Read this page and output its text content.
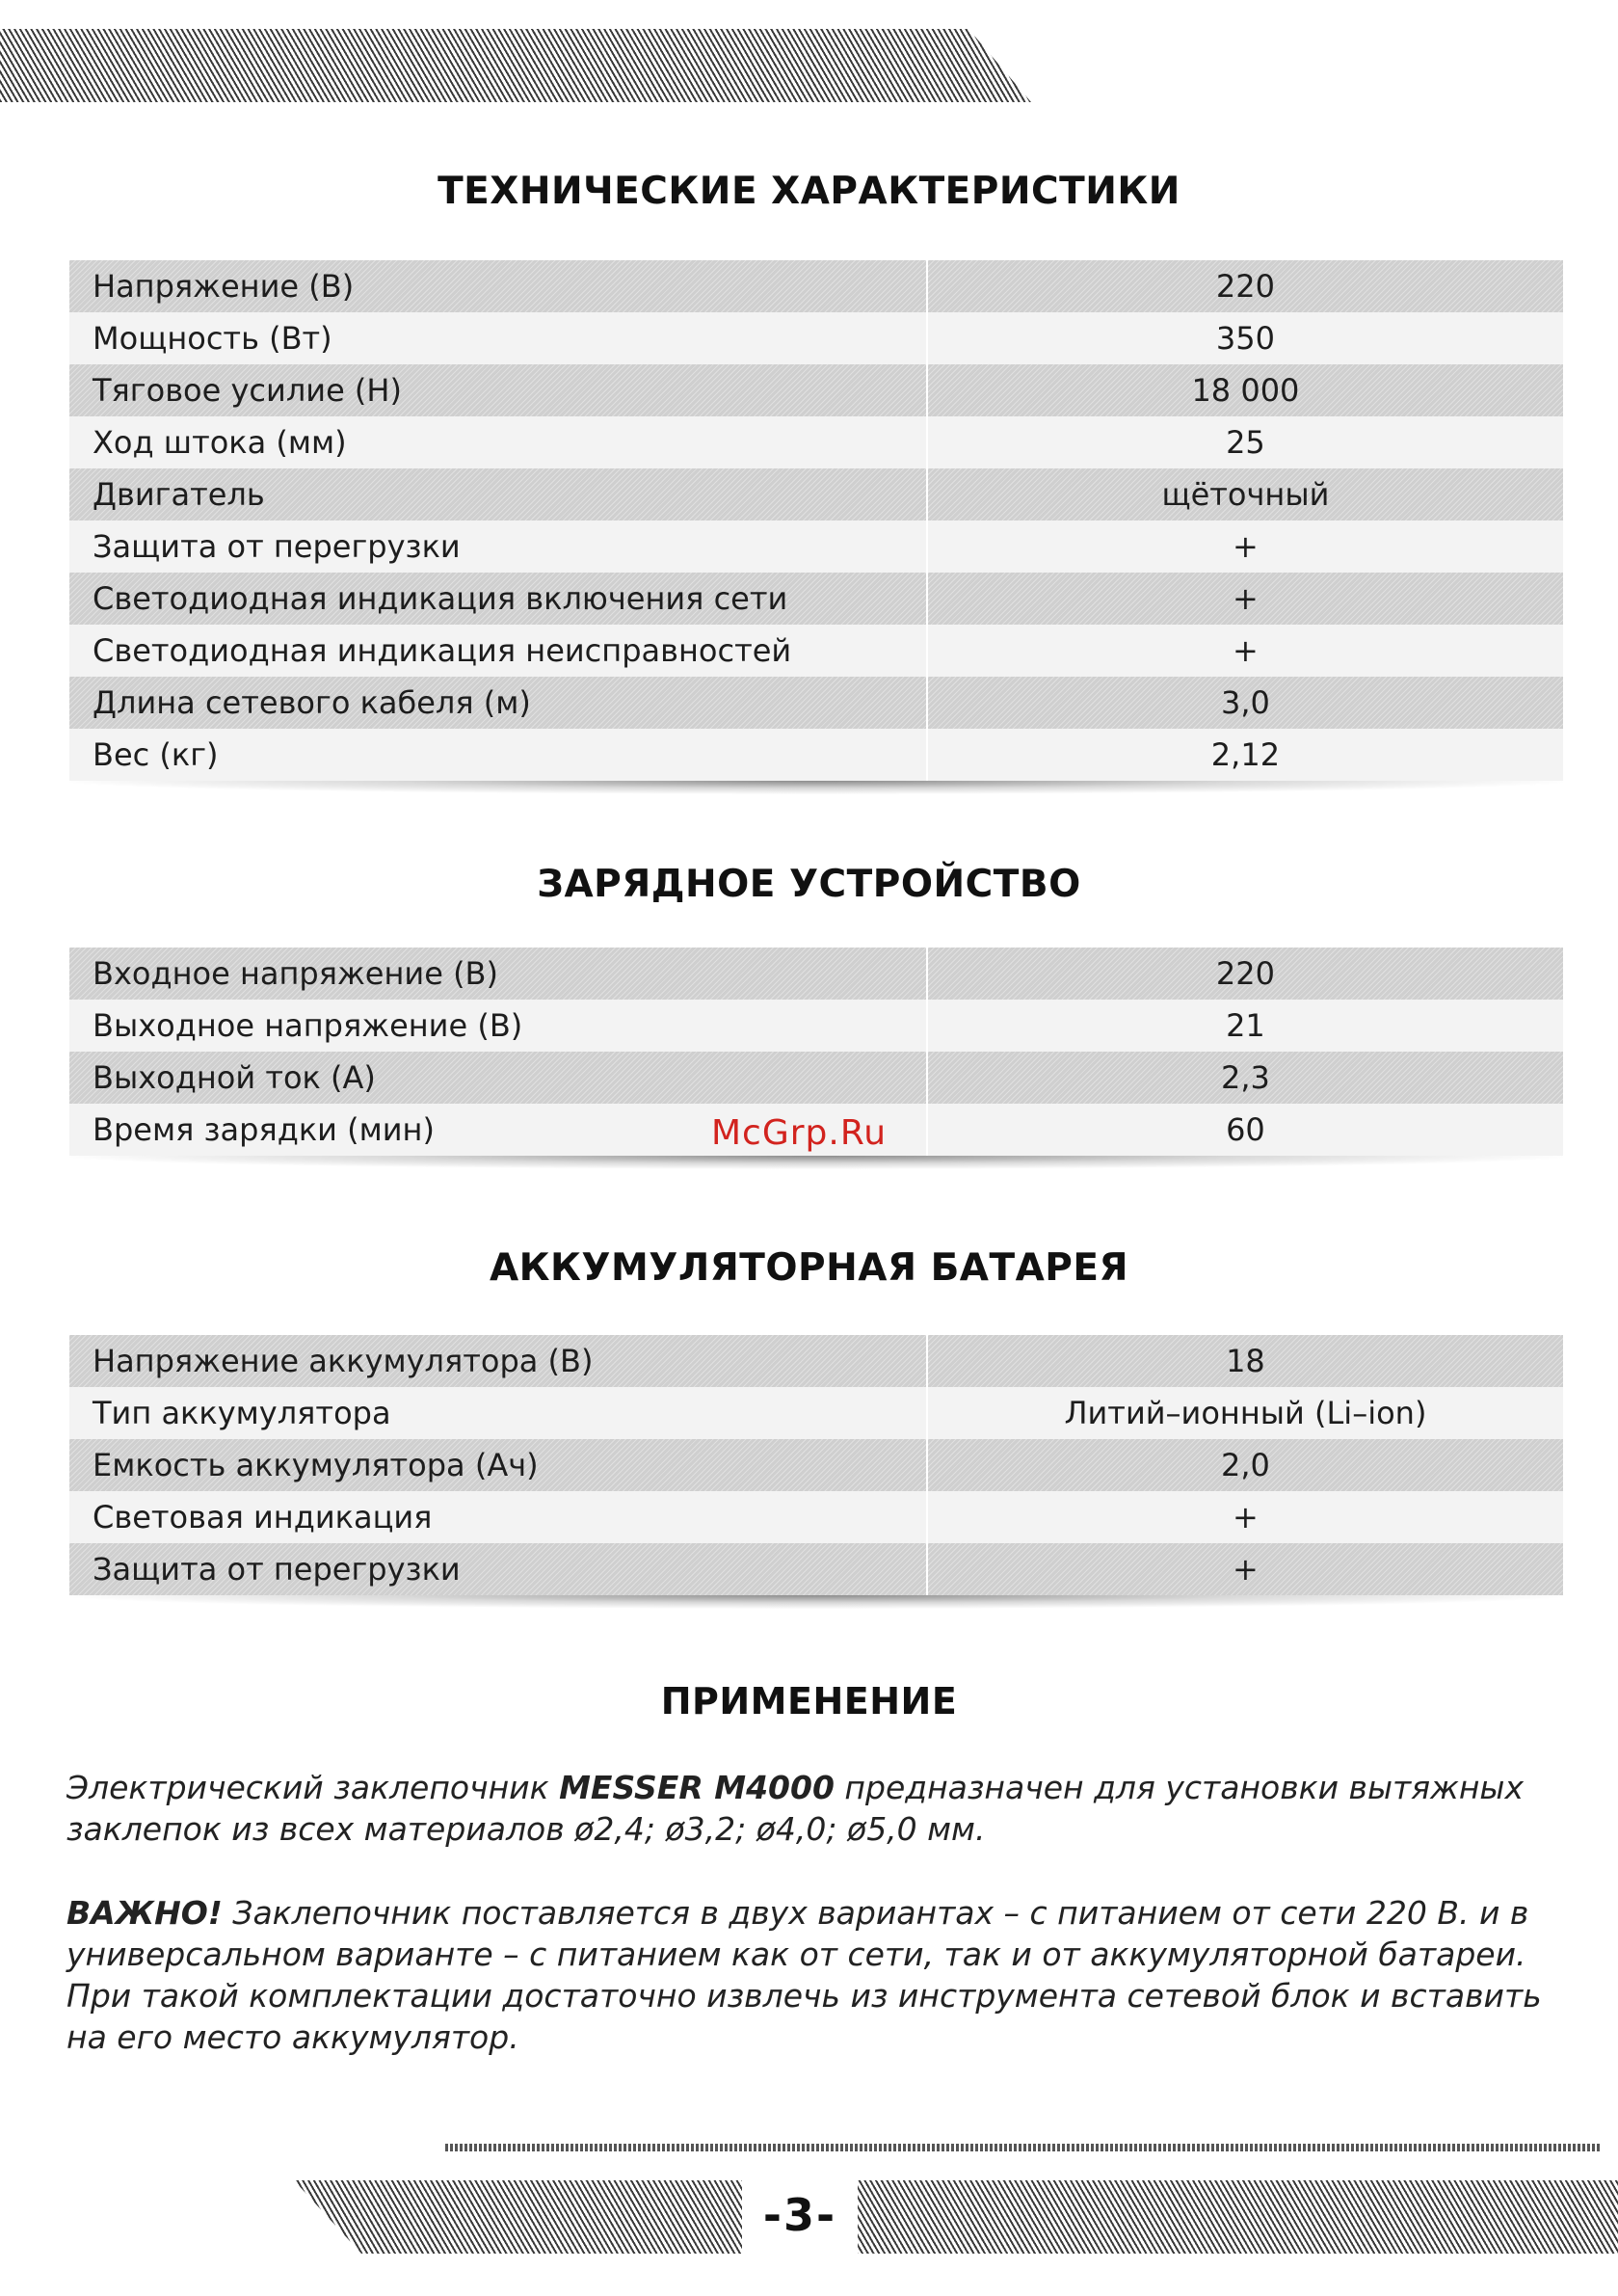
ТЕХНИЧЕСКИЕ ХАРАКТЕРИСТИКИ
Напряжение (В)	220
Мощность (Вт)	350
Тяговое усилие (Н)	18 000
Ход штока (мм)	25
Двигатель	щёточный
Защита от перегрузки	+
Светодиодная индикация включения сети	+
Светодиодная индикация неисправностей	+
Длина сетевого кабеля (м)	3,0
Вес (кг)	2,12
ЗАРЯДНОЕ УСТРОЙСТВО
Входное напряжение (В)	220
Выходное напряжение (В)	21
Выходной ток (А)	2,3
Время зарядки (мин)	60
McGrp.Ru
АККУМУЛЯТОРНАЯ БАТАРЕЯ
Напряжение аккумулятора (В)	18
Тип аккумулятора	Литий–ионный (Li–ion)
Емкость аккумулятора (Ач)	2,0
Световая индикация	+
Защита от перегрузки	+
ПРИМЕНЕНИЕ
Электрический заклепочник MESSER M4000 предназначен для установки вытяжных заклепок из всех материалов ø2,4; ø3,2; ø4,0; ø5,0 мм.
ВАЖНО! Заклепочник поставляется в двух вариантах – с питанием от сети 220 В. и в универсальном варианте – с питанием как от сети, так и от аккумуляторной батареи. При такой комплектации достаточно извлечь из инструмента сетевой блок и вставить на его место аккумулятор.
-3-
